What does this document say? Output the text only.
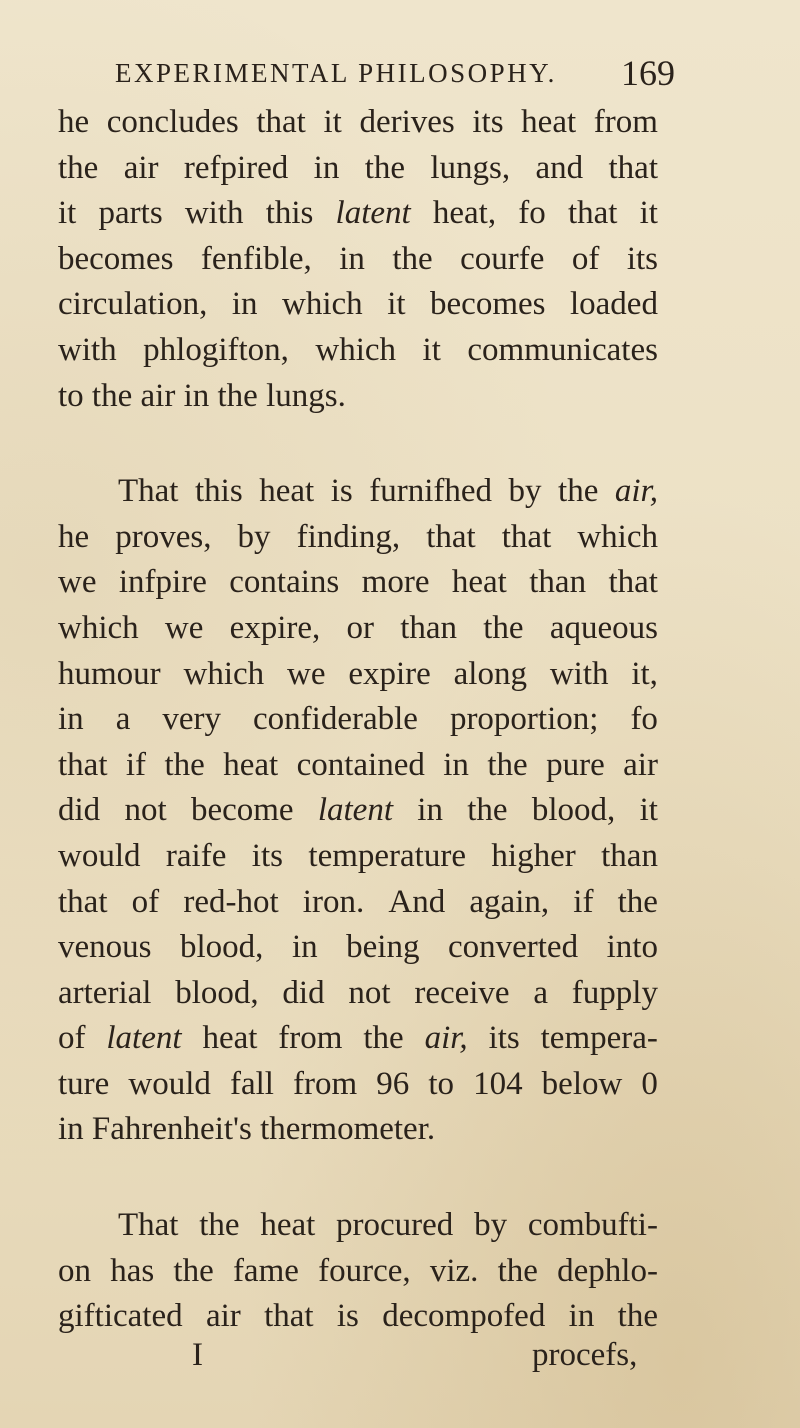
EXPERIMENTAL PHILOSOPHY. 169
he concludes that it derives its heat from
the air refpired in the lungs, and that
it parts with this latent heat, fo that it
becomes fenfible, in the courfe of its
circulation, in which it becomes loaded
with phlogifton, which it communicates
to
the
air
in
the
lungs.
That this heat is furnifhed by the air,
he proves, by finding, that that which
we infpire contains more heat than that
which we expire, or than the aqueous
humour which we expire along with it,
in a very confiderable proportion; fo
that if the heat contained in the pure air
did not become latent in the blood, it
would raife its temperature higher than
that of red-hot iron. And again, if the
venous blood, in being converted into
arterial blood, did not receive a fupply
of latent heat from the air, its tempera-
ture would fall from 96 to 104 below 0
in
Fahrenheit's
thermometer.
That the heat procured by combufti-
on has the fame fource, viz. the dephlo-
gifticated air that is decompofed in the
I	procefs,
